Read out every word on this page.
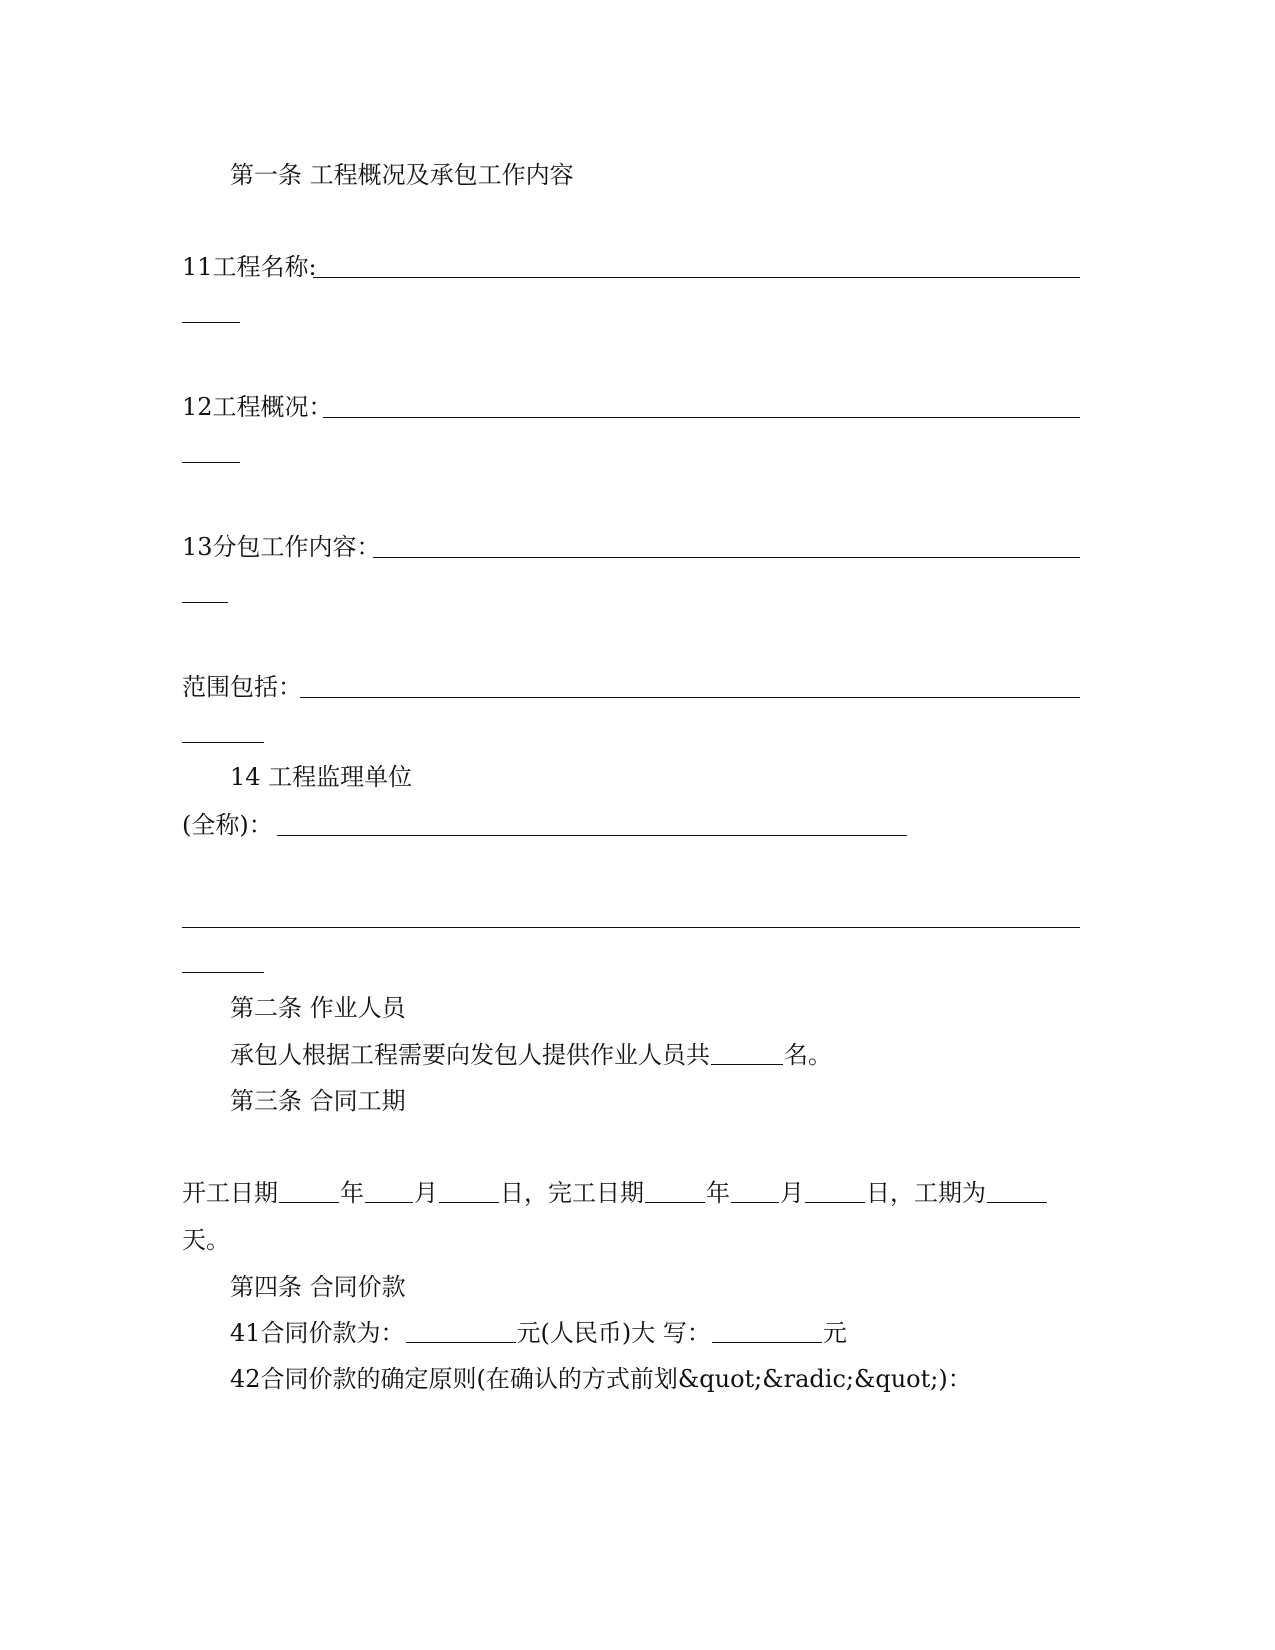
第一条 工程概况及承包工作内容
11工程名称:
12工程概况：
13分包工作内容：
范围包括：
14 工程监理单位
(全称)：
第二条 作业人员
承包人根据工程需要向发包人提供作业人员共	名。
第三条 合同工期
开工日期	年 月	日，完工日期	年 月	日，工期为
天。
第四条 合同价款
41合同价款为：	元(人民币)大 写：	元
42合同价款的确定原则(在确认的方式前划&quot;&radic;&quot;)：
